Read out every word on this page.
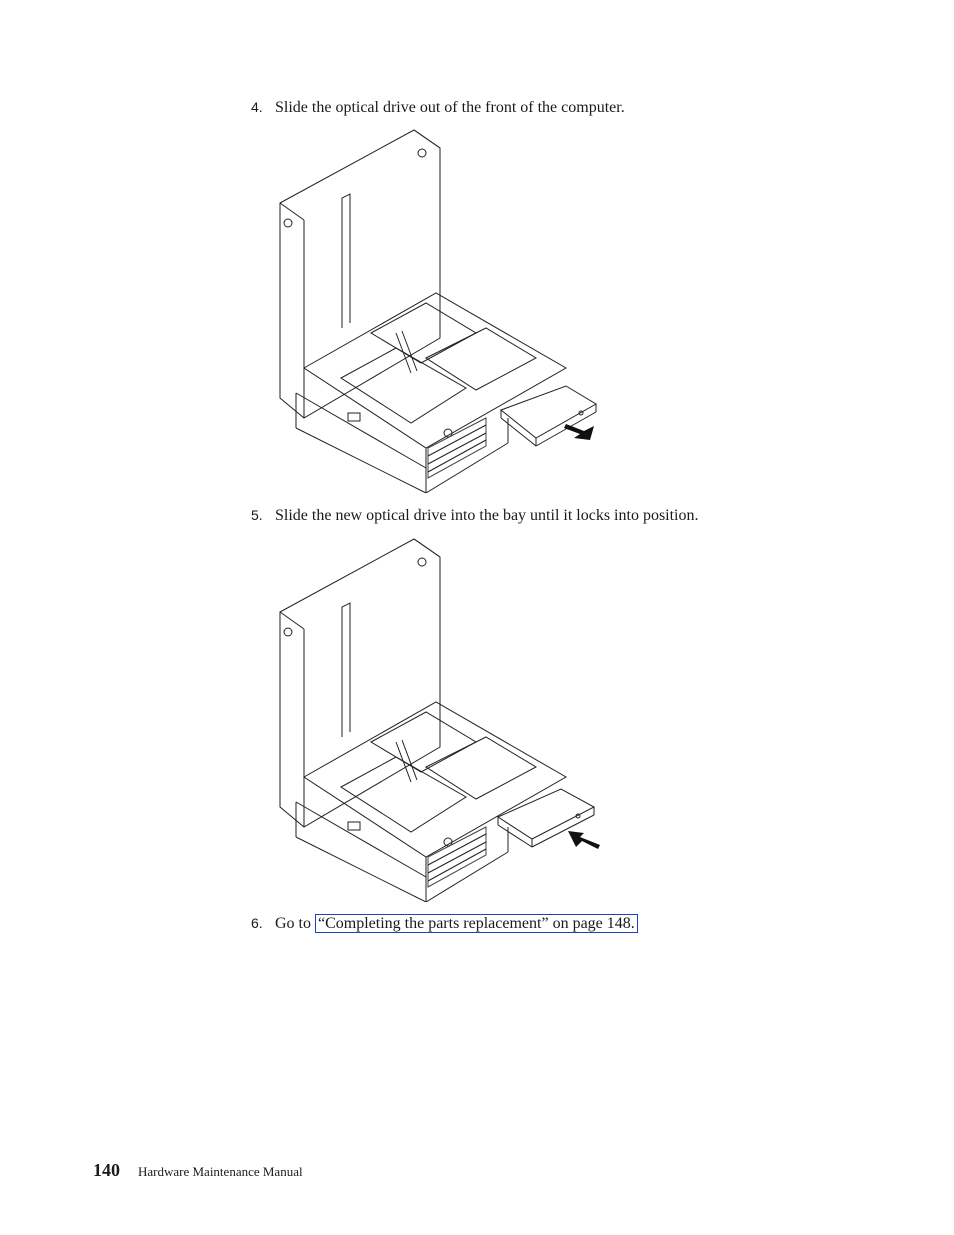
4. Slide the optical drive out of the front of the computer.
5. Slide the new optical drive into the bay until it locks into position.
6. Go to “Completing the parts replacement” on page 148.
140 Hardware Maintenance Manual
